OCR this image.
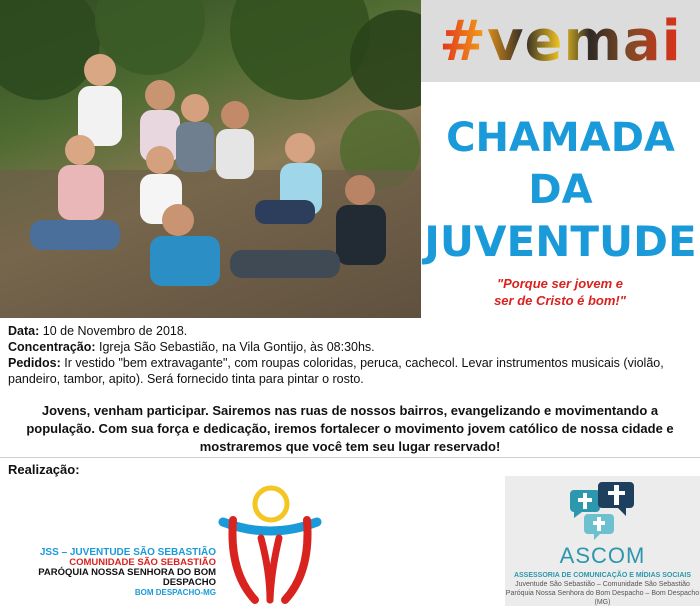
#vemai
CHAMADA
DA
JUVENTUDE
"Porque ser jovem e
ser de Cristo é bom!"
Data: 10 de Novembro de 2018.
Concentração: Igreja São Sebastião, na Vila Gontijo, às 08:30hs.
Pedidos: Ir vestido "bem extravagante", com roupas coloridas, peruca, cachecol. Levar instrumentos musicais (violão, pandeiro, tambor, apito). Será fornecido tinta para pintar o rosto.
Jovens, venham participar. Sairemos nas ruas de nossos bairros, evangelizando e movimentando a população. Com sua força e dedicação, iremos fortalecer o movimento jovem católico de nossa cidade e mostraremos que você tem seu lugar reservado!
Realização:
JSS – JUVENTUDE SÃO SEBASTIÃO
COMUNIDADE SÃO SEBASTIÃO
PARÓQUIA NOSSA SENHORA DO BOM DESPACHO
BOM DESPACHO-MG
ASCOM
ASSESSORIA DE COMUNICAÇÃO E MÍDIAS SOCIAIS
Juventude São Sebastião – Comunidade São Sebastião
Paróquia Nossa Senhora do Bom Despacho – Bom Despacho (MG)
